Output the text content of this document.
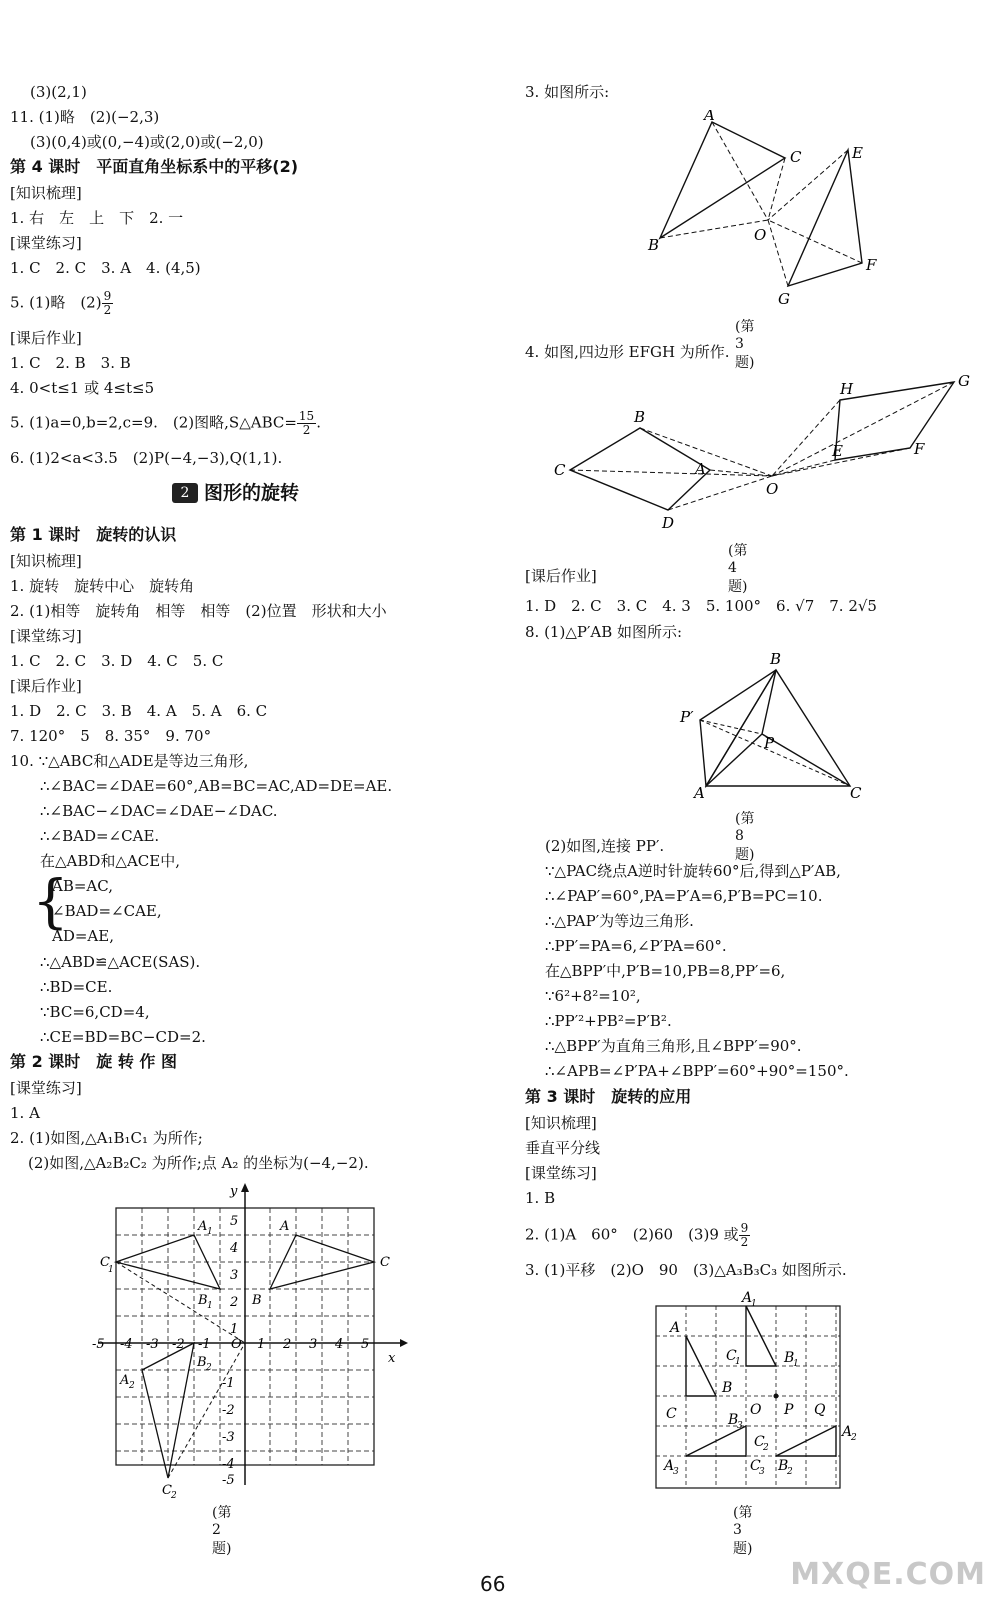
(3)(2,1)
11. (1)略　(2)(−2,3)
(3)(0,4)或(0,−4)或(2,0)或(−2,0)
第 4 课时　平面直角坐标系中的平移(2)
[知识梳理]
1. 右　左　上　下　2. 一
[课堂练习]
1. C　2. C　3. A　4. (4,5)
5. (1)略　$(2) \frac{9}{2}$
[课后作业]
1. C　2. B　3. B
4. 0<t≤1 或 4≤t≤5
5. (1)a=0,b=2,c=9.　(2)图略,S△ABC= $\frac{15}{2}$ .
6. (1)2<a<3.5　(2)P(−4,−3),Q(1,1).
2 图形的旋转
第 1 课时　旋转的认识
[知识梳理]
1. 旋转　旋转中心　旋转角
2. (1)相等　旋转角　相等　相等　(2)位置　形状和大小
[课堂练习]
1. C　2. C　3. D　4. C　5. C
[课后作业]
1. D　2. C　3. B　4. A　5. A　6. C
7. 120°　5　8. 35°　9. 70°
10. ∵△ABC和△ADE是等边三角形,
∴∠BAC=∠DAE=60°,AB=BC=AC,AD=DE=AE.
∴∠BAC−∠DAC=∠DAE−∠DAC.
∴∠BAD=∠CAE.
在△ABD和△ACE中,
{
AB=AC,
∠BAD=∠CAE,
AD=AE,
∴△ABD≌△ACE(SAS).
∴BD=CE.
∵BC=6,CD=4,
∴CE=BD=BC−CD=2.
第 2 课时　旋 转 作 图
[课堂练习]
1. A
2. (1)如图,△A₁B₁C₁ 为所作;
(2)如图,△A₂B₂C₂ 为所作;点 A₂ 的坐标为(−4,−2).
x
y
-5 -4 -3 -2 -1 O 1 2 3 4 5
5
4
3
2
1
-1
-2
-3
-4
-5
C
1
A 1
B 1
C
A
B
A 2
B 2
C 2
(第 2 题)
3. 如图所示:
A
C
B
E
O
F
G
(第 3 题)
4. 如图,四边形 EFGH 为所作.
C
B
A
D
O
H	G
F
E
(第 4 题)
[课后作业]
1. D　2. C　3. C　4. 3　5. 100°　6. √7　7. 2√5
8. (1)△P′AB 如图所示:
B
P′
P
A	C
(第 8 题)
(2)如图,连接 PP′.
∵△PAC绕点A逆时针旋转60°后,得到△P′AB,
∴∠PAP′=60°,PA=P′A=6,P′B=PC=10.
∴△PAP′为等边三角形.
∴PP′=PA=6,∠P′PA=60°.
在△BPP′中,P′B=10,PB=8,PP′=6,
∵6²+8²=10²,
∴PP′²+PB²=P′B².
∴△BPP′为直角三角形,且∠BPP′=90°.
∴∠APB=∠P′PA+∠BPP′=60°+90°=150°.
第 3 课时　旋转的应用
[知识梳理]
垂直平分线
[课堂练习]
1. B
2. (1)A　60°　(2)60　(3)9 或 $\frac{9}{2}$
3. (1)平移　(2)O　90　(3)△A₃B₃C₃ 如图所示.
A
A
1
C
1	B
1
B
C	O
B
3
P Q
A
2
C
2
A
3	C
3 B
2
(第 3 题)
66	MXQE.COM
